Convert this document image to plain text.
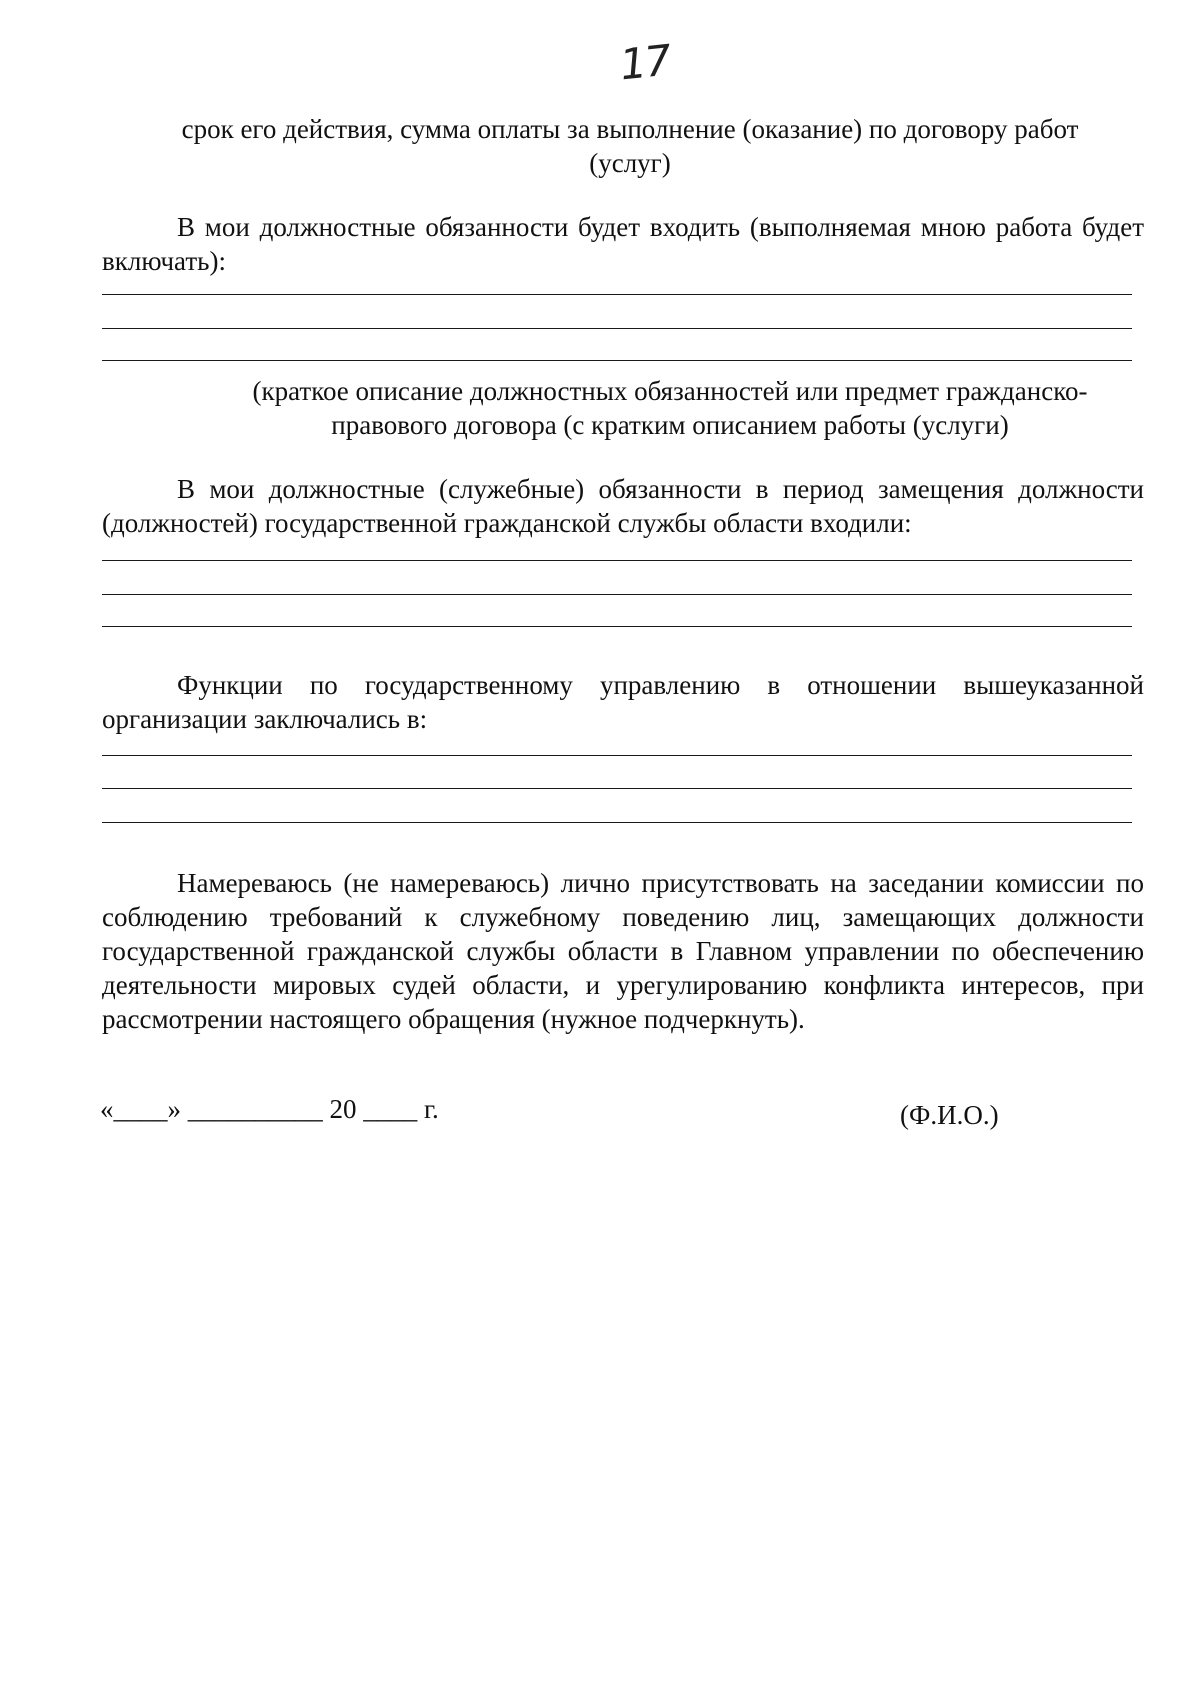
17
срок его действия, сумма оплаты за выполнение (оказание) по договору работ
(услуг)
В мои должностные обязанности будет входить (выполняемая мною работа будет включать):
(краткое описание должностных обязанностей или предмет гражданско-
правового договора (с кратким описанием работы (услуги)
В мои должностные (служебные) обязанности в период замещения должности (должностей) государственной гражданской службы области входили:
Функции по государственному управлению в отношении вышеуказанной организации заключались в:
Намереваюсь (не намереваюсь) лично присутствовать на заседании комиссии по соблюдению требований к служебному поведению лиц, замещающих должности государственной гражданской службы области в Главном управлении по обеспечению деятельности мировых судей области, и урегулированию конфликта интересов, при рассмотрении настоящего обращения (нужное подчеркнуть).
«____» __________ 20 ____ г.	(Ф.И.О.)
